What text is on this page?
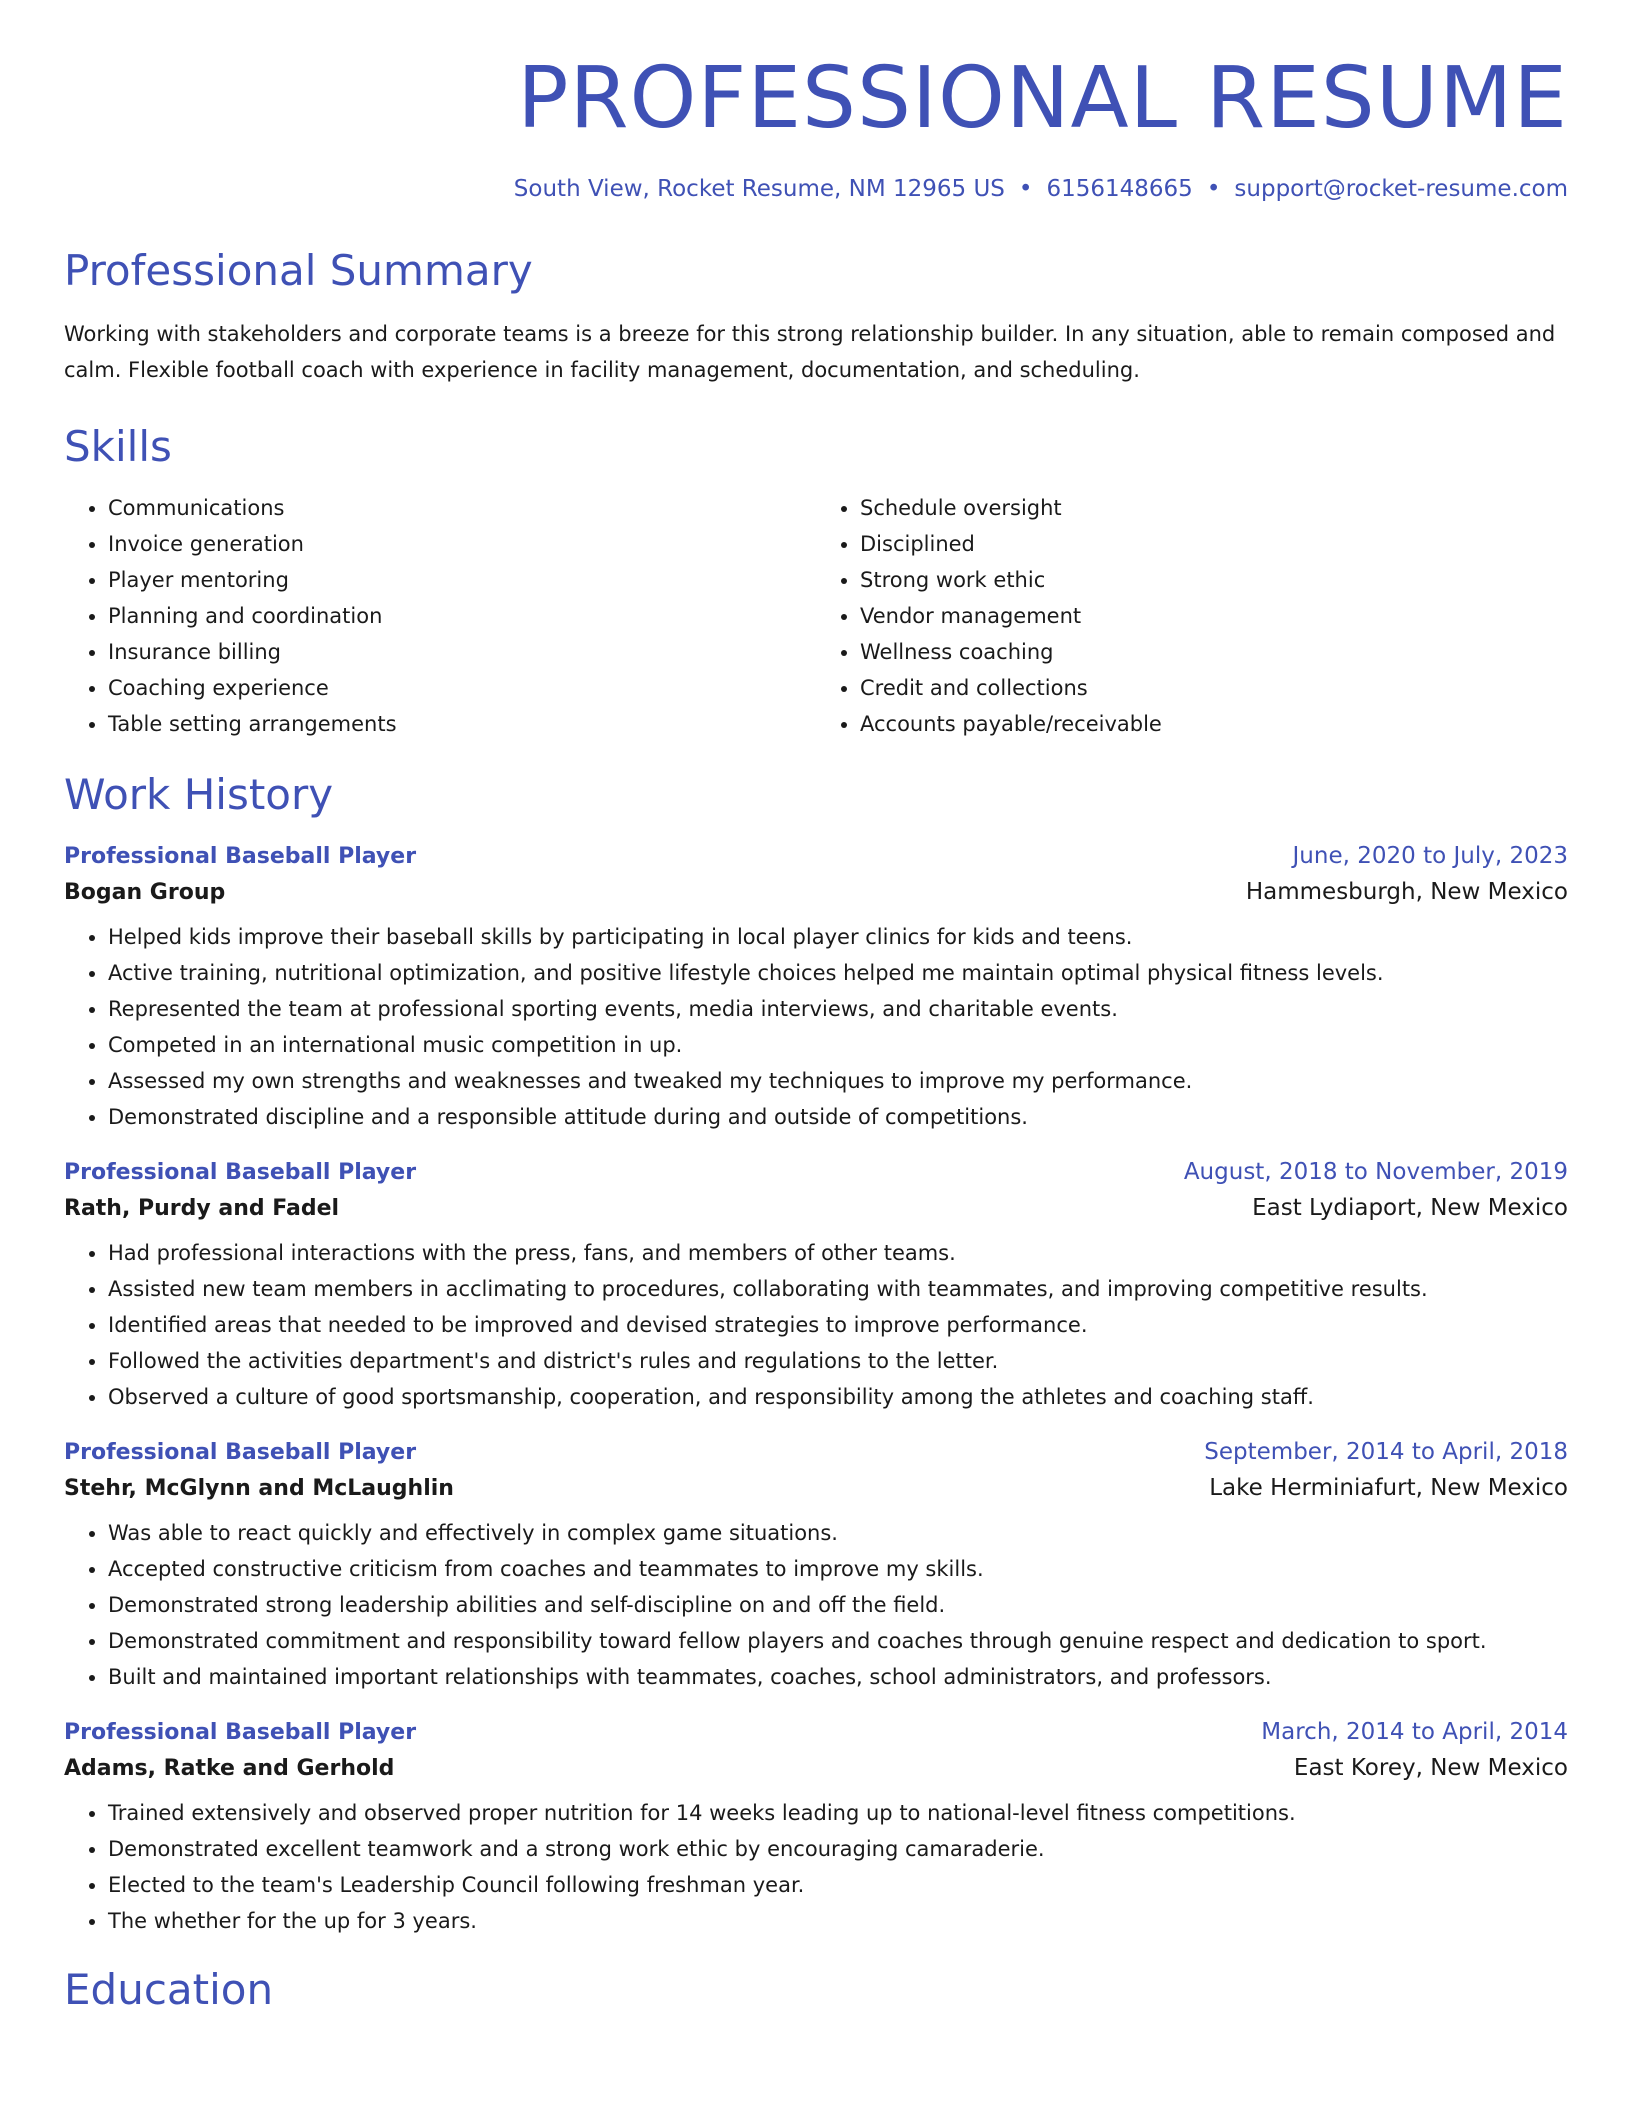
PROFESSIONAL RESUME
South View, Rocket Resume, NM 12965 US • 6156148665 • support@rocket-resume.com
Professional Summary

Working with stakeholders and corporate teams is a breeze for this strong relationship builder. In any situation, able to remain composed and calm. Flexible football coach with experience in facility management, documentation, and scheduling.

Skills
• Communications
• Invoice generation
• Player mentoring
• Planning and coordination
• Insurance billing
• Coaching experience
• Table setting arrangements
• Schedule oversight
• Disciplined
• Strong work ethic
• Vendor management
• Wellness coaching
• Credit and collections
• Accounts payable/receivable
Work History
Professional Baseball Player	June, 2020 to July, 2023
Bogan Group	Hammesburgh, New Mexico
• Helped kids improve their baseball skills by participating in local player clinics for kids and teens.
• Active training, nutritional optimization, and positive lifestyle choices helped me maintain optimal physical fitness levels.
• Represented the team at professional sporting events, media interviews, and charitable events.
• Competed in an international music competition in up.
• Assessed my own strengths and weaknesses and tweaked my techniques to improve my performance.
• Demonstrated discipline and a responsible attitude during and outside of competitions.
Professional Baseball Player	August, 2018 to November, 2019
Rath, Purdy and Fadel	East Lydiaport, New Mexico
• Had professional interactions with the press, fans, and members of other teams.
• Assisted new team members in acclimating to procedures, collaborating with teammates, and improving competitive results.
• Identified areas that needed to be improved and devised strategies to improve performance.
• Followed the activities department's and district's rules and regulations to the letter.
• Observed a culture of good sportsmanship, cooperation, and responsibility among the athletes and coaching staff.
Professional Baseball Player	September, 2014 to April, 2018
Stehr, McGlynn and McLaughlin	Lake Herminiafurt, New Mexico
• Was able to react quickly and effectively in complex game situations.
• Accepted constructive criticism from coaches and teammates to improve my skills.
• Demonstrated strong leadership abilities and self-discipline on and off the field.
• Demonstrated commitment and responsibility toward fellow players and coaches through genuine respect and dedication to sport.
• Built and maintained important relationships with teammates, coaches, school administrators, and professors.
Professional Baseball Player	March, 2014 to April, 2014
Adams, Ratke and Gerhold	East Korey, New Mexico
• Trained extensively and observed proper nutrition for 14 weeks leading up to national-level fitness competitions.
• Demonstrated excellent teamwork and a strong work ethic by encouraging camaraderie.
• Elected to the team's Leadership Council following freshman year.
• The whether for the up for 3 years.
Education
